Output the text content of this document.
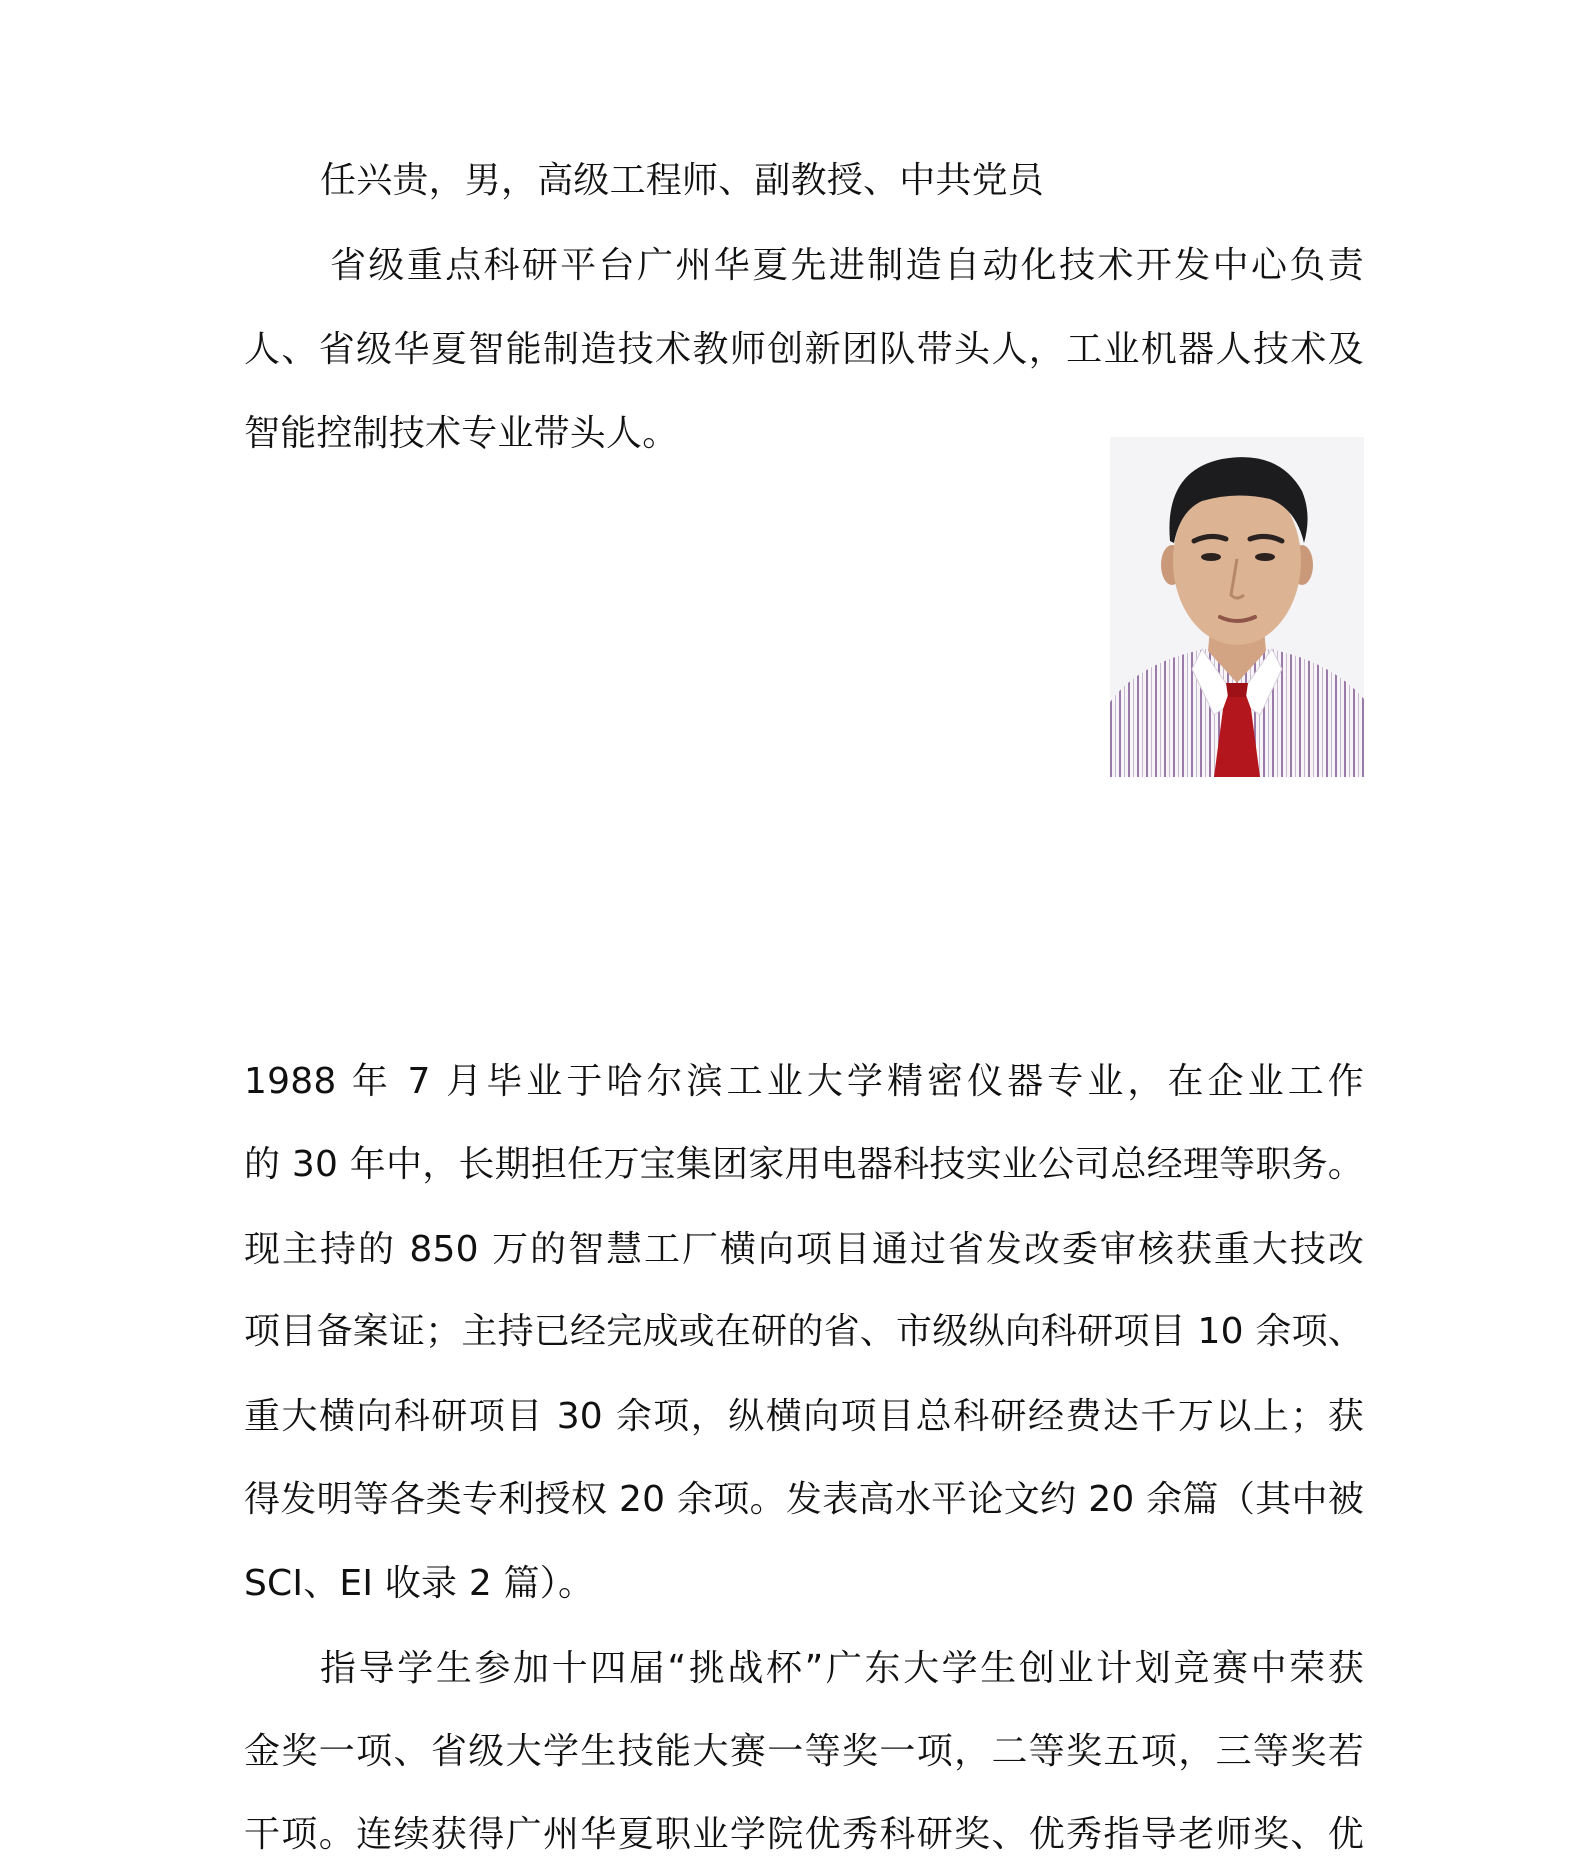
任兴贵，男，高级工程师、副教授、中共党员
省级重点科研平台广州华夏先进制造自动化技术开发中心负责
人、省级华夏智能制造技术教师创新团队带头人，工业机器人技术及
智能控制技术专业带头人。
1988 年 7 月毕业于哈尔滨工业大学精密仪器专业，在企业工作
的 30 年中，长期担任万宝集团家用电器科技实业公司总经理等职务。
现主持的 850 万的智慧工厂横向项目通过省发改委审核获重大技改
项目备案证；主持已经完成或在研的省、市级纵向科研项目 10 余项、
重大横向科研项目 30 余项，纵横向项目总科研经费达千万以上；获
得发明等各类专利授权 20 余项。发表高水平论文约 20 余篇（其中被
SCI、EI 收录 2 篇）。
指导学生参加十四届“挑战杯”广东大学生创业计划竞赛中荣获
金奖一项、省级大学生技能大赛一等奖一项，二等奖五项，三等奖若
干项。连续获得广州华夏职业学院优秀科研奖、优秀指导老师奖、优
